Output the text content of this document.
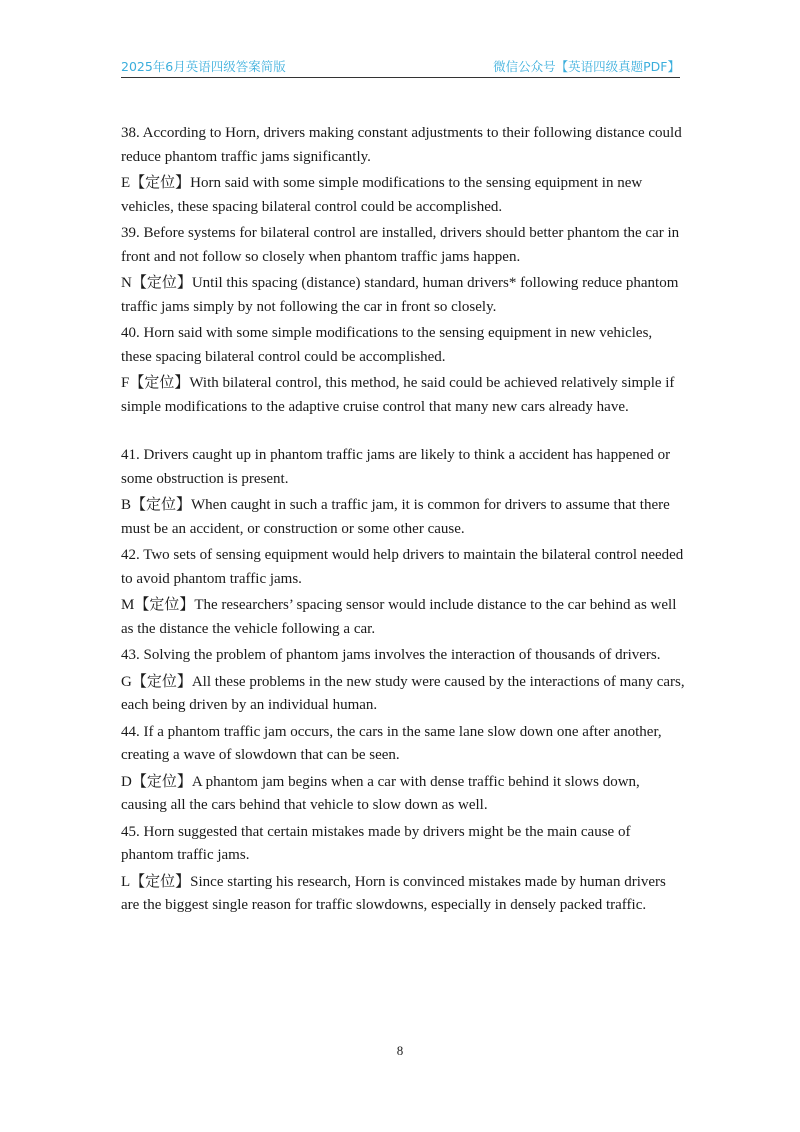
2025年6月英语四级答案简版	微信公众号【英语四级真题PDF】

38. According to Horn, drivers making constant adjustments to their following distance could reduce phantom traffic jams significantly.

E【定位】Horn said with some simple modifications to the sensing equipment in new vehicles, these spacing bilateral control could be accomplished.

39. Before systems for bilateral control are installed, drivers should better phantom the car in front and not follow so closely when phantom traffic jams happen.

N【定位】Until this spacing (distance) standard, human drivers* following reduce phantom traffic jams simply by not following the car in front so closely.

40. Horn said with some simple modifications to the sensing equipment in new vehicles, these spacing bilateral control could be accomplished.

F【定位】With bilateral control, this method, he said could be achieved relatively simple if simple modifications to the adaptive cruise control that many new cars already have.

41. Drivers caught up in phantom traffic jams are likely to think a accident has happened or some obstruction is present.

B【定位】When caught in such a traffic jam, it is common for drivers to assume that there must be an accident, or construction or some other cause.

42. Two sets of sensing equipment would help drivers to maintain the bilateral control needed to avoid phantom traffic jams.

M【定位】The researchers’ spacing sensor would include distance to the car behind as well as the distance the vehicle following a car.

43. Solving the problem of phantom jams involves the interaction of thousands of drivers.

G【定位】All these problems in the new study were caused by the interactions of many cars, each being driven by an individual human.

44. If a phantom traffic jam occurs, the cars in the same lane slow down one after another, creating a wave of slowdown that can be seen.

D【定位】A phantom jam begins when a car with dense traffic behind it slows down, causing all the cars behind that vehicle to slow down as well.

45. Horn suggested that certain mistakes made by drivers might be the main cause of phantom traffic jams.

L【定位】Since starting his research, Horn is convinced mistakes made by human drivers are the biggest single reason for traffic slowdowns, especially in densely packed traffic.

8
